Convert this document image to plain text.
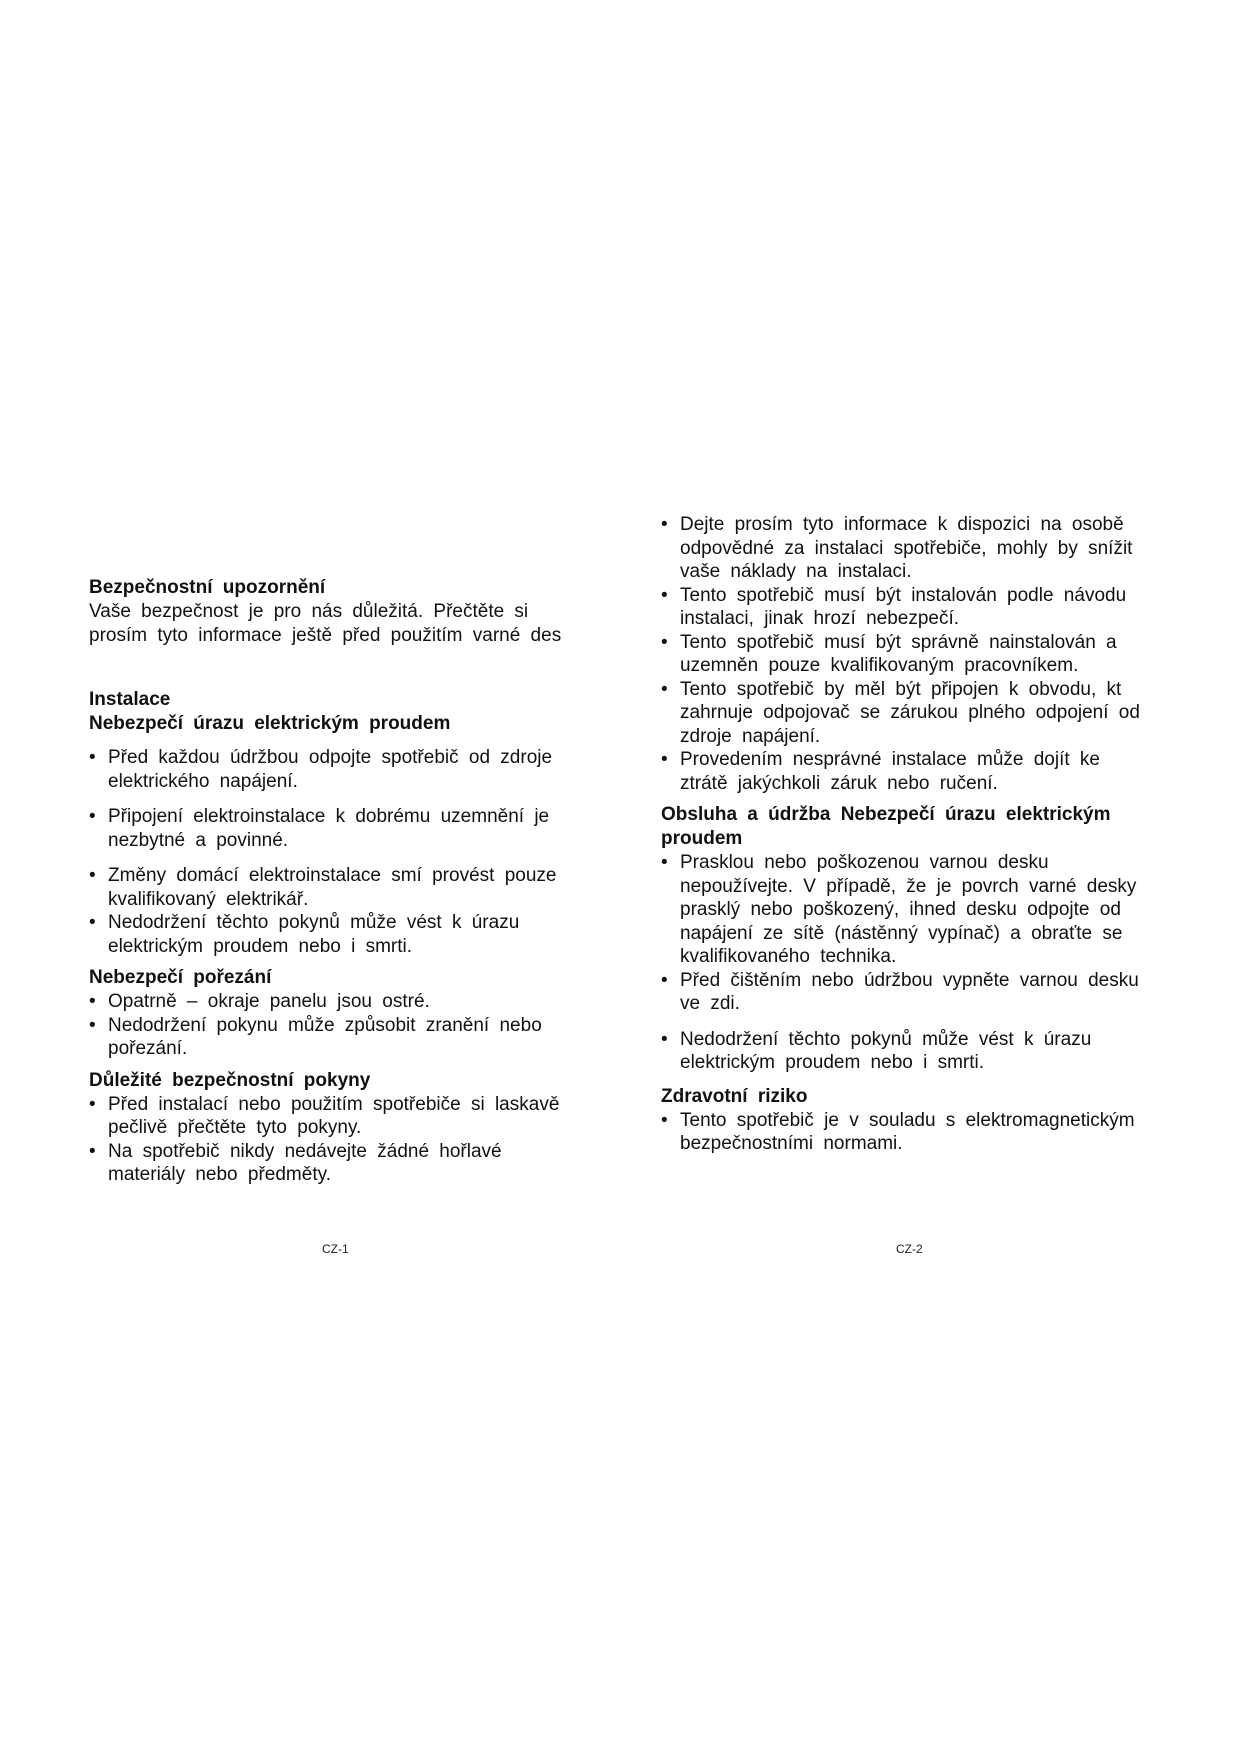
Bezpečnostní upozornění

Vaše bezpečnost je pro nás důležitá. Přečtěte si

prosím tyto informace ještě před použitím varné des

Instalace
Nebezpečí úrazu elektrickým proudem
• Před každou údržbou odpojte spotřebič od zdroje
elektrického napájení.
• Připojení elektroinstalace k dobrému uzemnění je
nezbytné a povinné.
• Změny domácí elektroinstalace smí provést pouze
kvalifikovaný elektrikář.
• Nedodržení těchto pokynů může vést k úrazu
elektrickým proudem nebo i smrti.
Nebezpečí pořezání
• Opatrně – okraje panelu jsou ostré.
• Nedodržení pokynu může způsobit zranění nebo
pořezání.
Důležité bezpečnostní pokyny
• Před instalací nebo použitím spotřebiče si laskavě
pečlivě přečtěte tyto pokyny.
• Na spotřebič nikdy nedávejte žádné hořlavé
materiály nebo předměty.
• Dejte prosím tyto informace k dispozici na osobě
odpovědné za instalaci spotřebiče, mohly by snížit
vaše náklady na instalaci.
• Tento spotřebič musí být instalován podle návodu
instalaci, jinak hrozí nebezpečí.
• Tento spotřebič musí být správně nainstalován a
uzemněn pouze kvalifikovaným pracovníkem.
• Tento spotřebič by měl být připojen k obvodu, kt
zahrnuje odpojovač se zárukou plného odpojení od
zdroje napájení.
• Provedením nesprávné instalace může dojít ke
ztrátě jakýchkoli záruk nebo ručení.
Obsluha a údržba Nebezpečí úrazu elektrickým
proudem
• Prasklou nebo poškozenou varnou desku
nepoužívejte. V případě, že je povrch varné desky
prasklý nebo poškozený, ihned desku odpojte od
napájení ze sítě (nástěnný vypínač) a obraťte se
kvalifikovaného technika.
• Před čištěním nebo údržbou vypněte varnou desku
ve zdi.
• Nedodržení těchto pokynů může vést k úrazu
elektrickým proudem nebo i smrti.
Zdravotní riziko
• Tento spotřebič je v souladu s elektromagnetickým
bezpečnostními normami.
CZ-1	CZ-2
